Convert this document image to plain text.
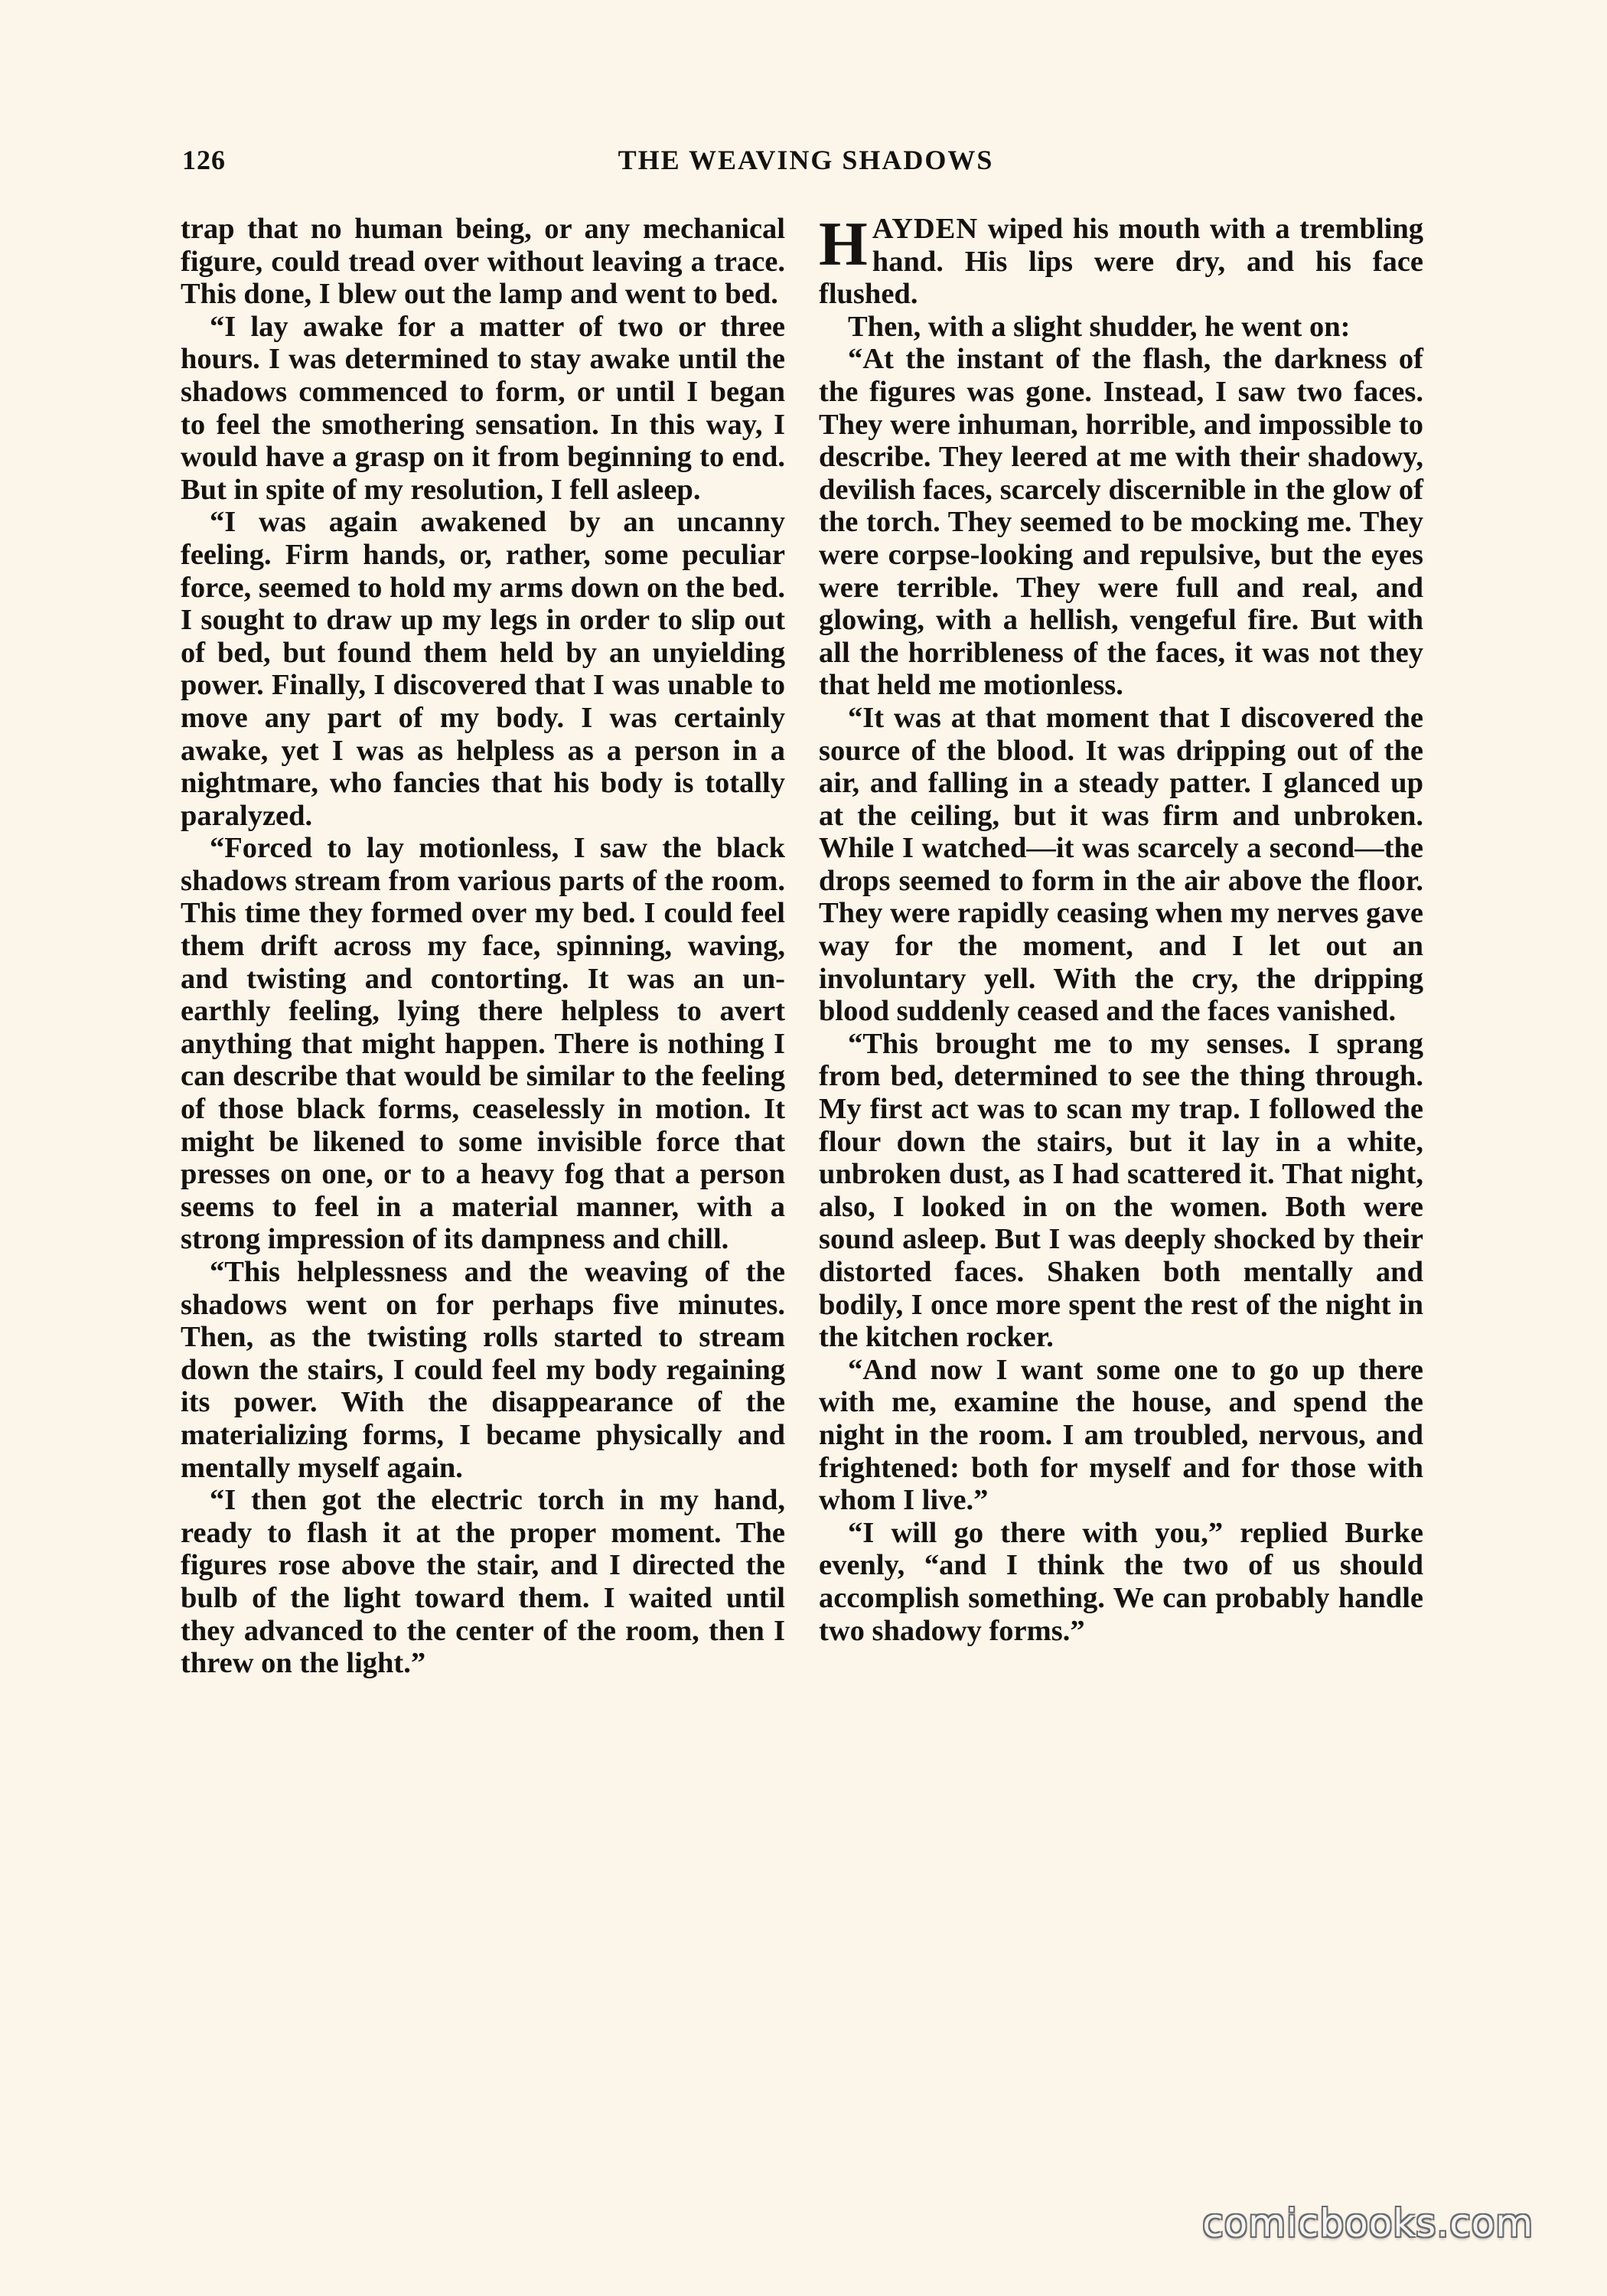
126	THE WEAVING SHADOWS

trap that no human being, or any mechanical figure, could tread over without leaving a trace. This done, I blew out the lamp and went to bed.

“I lay awake for a matter of two or three hours. I was determined to stay awake until the shadows commenced to form, or until I began to feel the smothering sensation. In this way, I would have a grasp on it from beginning to end. But in spite of my resolution, I fell asleep.

“I was again awakened by an uncanny feeling. Firm hands, or, rather, some peculiar force, seemed to hold my arms down on the bed. I sought to draw up my legs in order to slip out of bed, but found them held by an unyielding power. Finally, I discovered that I was unable to move any part of my body. I was certainly awake, yet I was as helpless as a person in a nightmare, who fancies that his body is totally paralyzed.

“Forced to lay motionless, I saw the black shadows stream from various parts of the room. This time they formed over my bed. I could feel them drift across my face, spinning, waving, and twisting and contorting. It was an unearthly feeling, lying there helpless to avert anything that might happen. There is nothing I can describe that would be similar to the feeling of those black forms, ceaselessly in motion. It might be likened to some invisible force that presses on one, or to a heavy fog that a person seems to feel in a material manner, with a strong impression of its dampness and chill.

“This helplessness and the weaving of the shadows went on for perhaps five minutes. Then, as the twisting rolls started to stream down the stairs, I could feel my body regaining its power. With the disappearance of the materializing forms, I became physically and mentally myself again.

“I then got the electric torch in my hand, ready to flash it at the proper moment. The figures rose above the stair, and I directed the bulb of the light toward them. I waited until they advanced to the center of the room, then I threw on the light.”

HAYDEN wiped his mouth with a trembling hand. His lips were dry, and his face flushed.

Then, with a slight shudder, he went on:

“At the instant of the flash, the darkness of the figures was gone. Instead, I saw two faces. They were inhuman, horrible, and impossible to describe. They leered at me with their shadowy, devilish faces, scarcely discernible in the glow of the torch. They seemed to be mocking me. They were corpse-looking and repulsive, but the eyes were terrible. They were full and real, and glowing, with a hellish, vengeful fire. But with all the horribleness of the faces, it was not they that held me motionless.

“It was at that moment that I discovered the source of the blood. It was dripping out of the air, and falling in a steady patter. I glanced up at the ceiling, but it was firm and unbroken. While I watched—it was scarcely a second—the drops seemed to form in the air above the floor. They were rapidly ceasing when my nerves gave way for the moment, and I let out an involuntary yell. With the cry, the dripping blood suddenly ceased and the faces vanished.

“This brought me to my senses. I sprang from bed, determined to see the thing through. My first act was to scan my trap. I followed the flour down the stairs, but it lay in a white, unbroken dust, as I had scattered it. That night, also, I looked in on the women. Both were sound asleep. But I was deeply shocked by their distorted faces. Shaken both mentally and bodily, I once more spent the rest of the night in the kitchen rocker.

“And now I want some one to go up there with me, examine the house, and spend the night in the room. I am troubled, nervous, and frightened: both for myself and for those with whom I live.”

“I will go there with you,” replied Burke evenly, “and I think the two of us should accomplish something. We can probably handle two shadowy forms.”

comicbooks.com
